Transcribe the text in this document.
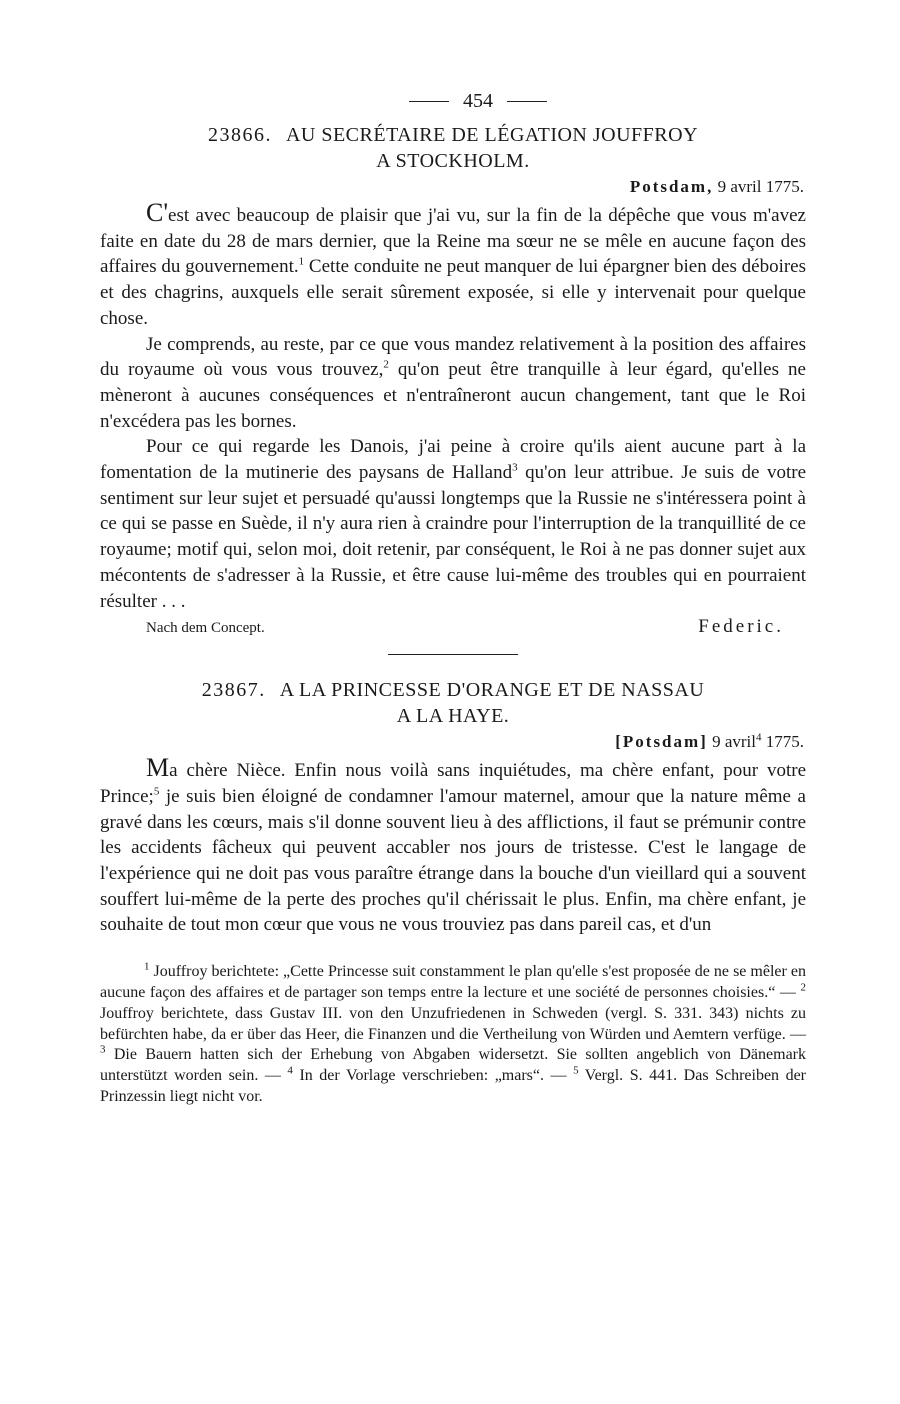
454
23866. AU SECRÉTAIRE DE LÉGATION JOUFFROY
A STOCKHOLM.
Potsdam, 9 avril 1775.

C'est avec beaucoup de plaisir que j'ai vu, sur la fin de la dépêche que vous m'avez faite en date du 28 de mars dernier, que la Reine ma sœur ne se mêle en aucune façon des affaires du gouvernement.$^1$ Cette conduite ne peut manquer de lui épargner bien des déboires et des chagrins, auxquels elle serait sûrement exposée, si elle y intervenait pour quelque chose.

Je comprends, au reste, par ce que vous mandez relativement à la position des affaires du royaume où vous vous trouvez,$^2$ qu'on peut être tranquille à leur égard, qu'elles ne mèneront à aucunes conséquences et n'entraîneront aucun changement, tant que le Roi n'excédera pas les bornes.

Pour ce qui regarde les Danois, j'ai peine à croire qu'ils aient aucune part à la fomentation de la mutinerie des paysans de Halland$^3$ qu'on leur attribue. Je suis de votre sentiment sur leur sujet et persuadé qu'aussi longtemps que la Russie ne s'intéressera point à ce qui se passe en Suède, il n'y aura rien à craindre pour l'interruption de la tranquillité de ce royaume; motif qui, selon moi, doit retenir, par conséquent, le Roi à ne pas donner sujet aux mécontents de s'adresser à la Russie, et être cause lui-même des troubles qui en pourraient résulter . . .

Nach dem Concept.	Federic.
23867. A LA PRINCESSE D'ORANGE ET DE NASSAU
A LA HAYE.
[Potsdam] 9 avril$^4$ 1775.

Ma chère Nièce. Enfin nous voilà sans inquiétudes, ma chère enfant, pour votre Prince;$^5$ je suis bien éloigné de condamner l'amour maternel, amour que la nature même a gravé dans les cœurs, mais s'il donne souvent lieu à des afflictions, il faut se prémunir contre les accidents fâcheux qui peuvent accabler nos jours de tristesse. C'est le langage de l'expérience qui ne doit pas vous paraître étrange dans la bouche d'un vieillard qui a souvent souffert lui-même de la perte des proches qu'il chérissait le plus. Enfin, ma chère enfant, je souhaite de tout mon cœur que vous ne vous trouviez pas dans pareil cas, et d'un

$^1$ Jouffroy berichtete: „Cette Princesse suit constamment le plan qu'elle s'est proposée de ne se mêler en aucune façon des affaires et de partager son temps entre la lecture et une société de personnes choisies.“ — $^2$ Jouffroy berichtete, dass Gustav III. von den Unzufriedenen in Schweden (vergl. S. 331. 343) nichts zu befürchten habe, da er über das Heer, die Finanzen und die Vertheilung von Würden und Aemtern verfüge. — $^3$ Die Bauern hatten sich der Erhebung von Abgaben widersetzt. Sie sollten angeblich von Dänemark unterstützt worden sein. — $^4$ In der Vorlage verschrieben: „mars“. — $^5$ Vergl. S. 441. Das Schreiben der Prinzessin liegt nicht vor.
